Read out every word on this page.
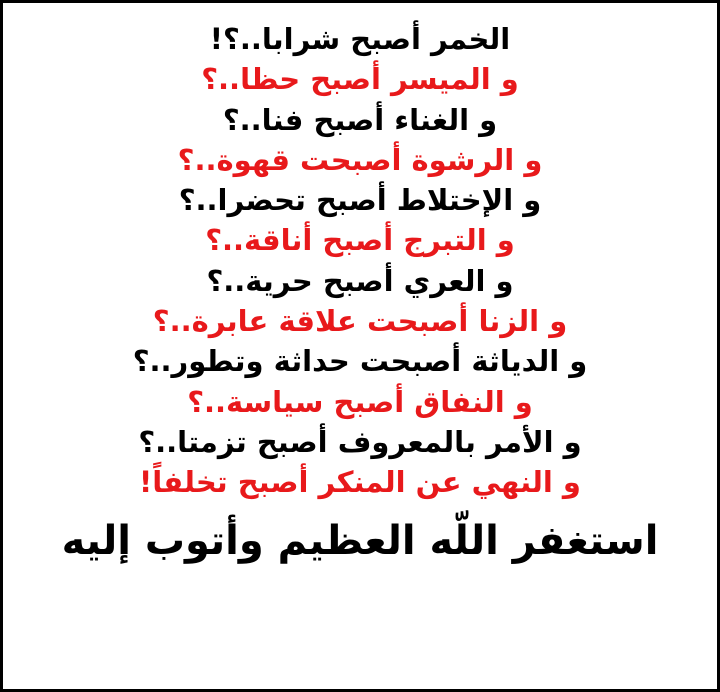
الخمر أصبح شرابا..؟!
و الميسر أصبح حظا..؟
و الغناء أصبح فنا..؟
و الرشوة أصبحت قهوة..؟
و الإختلاط أصبح تحضرا..؟
و التبرج أصبح أناقة..؟
و العري أصبح حرية..؟
و الزنا أصبحت علاقة عابرة..؟
و الدياثة أصبحت حداثة وتطور..؟
و النفاق أصبح سياسة..؟
و الأمر بالمعروف أصبح تزمتا..؟
و النهي عن المنكر أصبح تخلفاً!
استغفر اللّه العظيم وأتوب إليه
